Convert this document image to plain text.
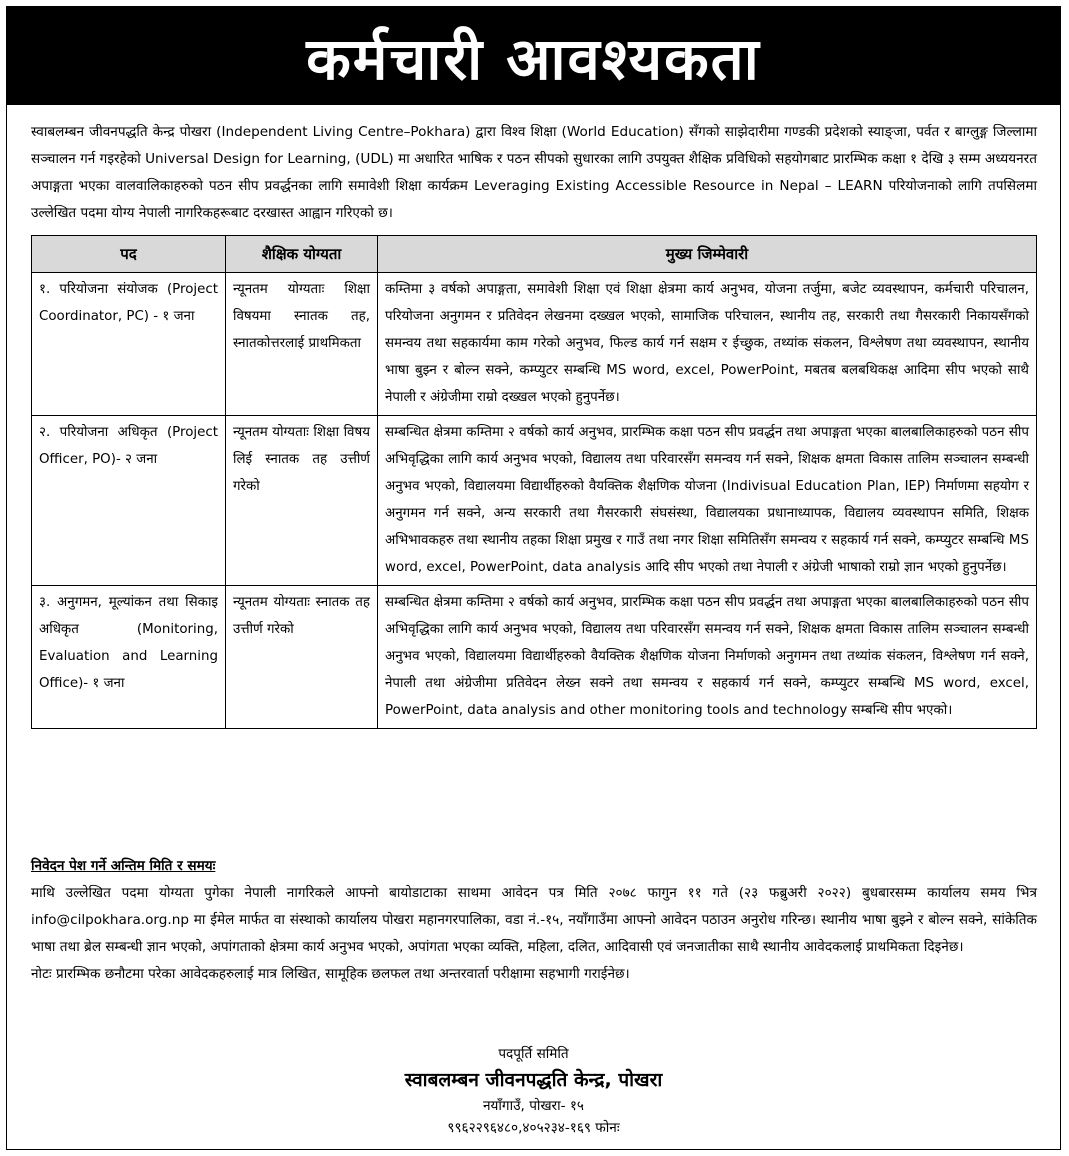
कर्मचारी आवश्यकता
स्वाबलम्बन जीवनपद्धति केन्द्र पोखरा (Independent Living Centre–Pokhara) द्वारा विश्व शिक्षा (World Education) सँगको साझेदारीमा गण्डकी प्रदेशको स्याङ्जा, पर्वत र बाग्लुङ्ग जिल्लामा सञ्चालन गर्न गइरहेको Universal Design for Learning, (UDL) मा अधारित भाषिक र पठन सीपको सुधारका लागि उपयुक्त शैक्षिक प्रविधिको सहयोगबाट प्रारम्भिक कक्षा १ देखि ३ सम्म अध्ययनरत अपाङ्गता भएका वालवालिकाहरुको पठन सीप प्रवर्द्धनका लागि समावेशी शिक्षा कार्यक्रम Leveraging Existing Accessible Resource in Nepal – LEARN परियोजनाको लागि तपसिलमा उल्लेखित पदमा योग्य नेपाली नागरिकहरूबाट दरखास्त आह्वान गरिएको छ।
पद	शैक्षिक योग्यता	मुख्य जिम्मेवारी
१. परियोजना संयोजक (Project Coordinator, PC) - १ जना	न्यूनतम योग्यताः शिक्षा विषयमा स्नातक तह, स्नातकोत्तरलाई प्राथमिकता	कम्तिमा ३ वर्षको अपाङ्गता, समावेशी शिक्षा एवं शिक्षा क्षेत्रमा कार्य अनुभव, योजना तर्जुमा, बजेट व्यवस्थापन, कर्मचारी परिचालन, परियोजना अनुगमन र प्रतिवेदन लेखनमा दख्खल भएको, सामाजिक परिचालन, स्थानीय तह, सरकारी तथा गैसरकारी निकायसँगको समन्वय तथा सहकार्यमा काम गरेको अनुभव, फिल्ड कार्य गर्न सक्षम र ईच्छुक, तथ्यांक संकलन, विश्लेषण तथा व्यवस्थापन, स्थानीय भाषा बुझ्न र बोल्न सक्ने, कम्प्युटर सम्बन्धि MS word, excel, PowerPoint, मबतब बलबथिकक्ष आदिमा सीप भएको साथै नेपाली र अंग्रेजीमा राम्रो दख्खल भएको हुनुपर्नेछ।
२. परियोजना अधिकृत (Project Officer, PO)- २ जना	न्यूनतम योग्यताः शिक्षा विषय लिई स्नातक तह उत्तीर्ण गरेको	सम्बन्धित क्षेत्रमा कम्तिमा २ वर्षको कार्य अनुभव, प्रारम्भिक कक्षा पठन सीप प्रवर्द्धन तथा अपाङ्गता भएका बालबालिकाहरुको पठन सीप अभिवृद्धिका लागि कार्य अनुभव भएको, विद्यालय तथा परिवारसँग समन्वय गर्न सक्ने, शिक्षक क्षमता विकास तालिम सञ्चालन सम्बन्धी अनुभव भएको, विद्यालयमा विद्यार्थीहरुको वैयक्तिक शैक्षणिक योजना (Indivisual Education Plan, IEP) निर्माणमा सहयोग र अनुगमन गर्न सक्ने, अन्य सरकारी तथा गैसरकारी संघसंस्था, विद्यालयका प्रधानाध्यापक, विद्यालय व्यवस्थापन समिति, शिक्षक अभिभावकहरु तथा स्थानीय तहका शिक्षा प्रमुख र गाउँ तथा नगर शिक्षा समितिसँग समन्वय र सहकार्य गर्न सक्ने, कम्प्युटर सम्बन्धि MS word, excel, PowerPoint, data analysis आदि सीप भएको तथा नेपाली र अंग्रेजी भाषाको राम्रो ज्ञान भएको हुनुपर्नेछ।
३. अनुगमन, मूल्यांकन तथा सिकाइ अधिकृत (Monitoring, Evaluation and Learning Office)- १ जना	न्यूनतम योग्यताः स्नातक तह उत्तीर्ण गरेको	सम्बन्धित क्षेत्रमा कम्तिमा २ वर्षको कार्य अनुभव, प्रारम्भिक कक्षा पठन सीप प्रवर्द्धन तथा अपाङ्गता भएका बालबालिकाहरुको पठन सीप अभिवृद्धिका लागि कार्य अनुभव भएको, विद्यालय तथा परिवारसँग समन्वय गर्न सक्ने, शिक्षक क्षमता विकास तालिम सञ्चालन सम्बन्धी अनुभव भएको, विद्यालयमा विद्यार्थीहरुको वैयक्तिक शैक्षणिक योजना निर्माणको अनुगमन तथा तथ्यांक संकलन, विश्लेषण गर्न सक्ने, नेपाली तथा अंग्रेजीमा प्रतिवेदन लेख्न सक्ने तथा समन्वय र सहकार्य गर्न सक्ने, कम्प्युटर सम्बन्धि MS word, excel, PowerPoint, data analysis and other monitoring tools and technology सम्बन्धि सीप भएको।
निवेदन पेश गर्ने अन्तिम मिति र समयः
माथि उल्लेखित पदमा योग्यता पुगेका नेपाली नागरिकले आफ्नो बायोडाटाका साथमा आवेदन पत्र मिति २०७८ फागुन ११ गते (२३ फब्रुअरी २०२२) बुधबारसम्म कार्यालय समय भित्र info@cilpokhara.org.np मा ईमेल मार्फत वा संस्थाको कार्यालय पोखरा महानगरपालिका, वडा नं.-१५, नयाँगाउँमा आफ्नो आवेदन पठाउन अनुरोध गरिन्छ। स्थानीय भाषा बुझ्ने र बोल्न सक्ने, सांकेतिक भाषा तथा ब्रेल सम्बन्धी ज्ञान भएको, अपांगताको क्षेत्रमा कार्य अनुभव भएको, अपांगता भएका व्यक्ति, महिला, दलित, आदिवासी एवं जनजातीका साथै स्थानीय आवेदकलाई प्राथमिकता दिइनेछ।
नोटः प्रारम्भिक छनौटमा परेका आवेदकहरुलाई मात्र लिखित, सामूहिक छलफल तथा अन्तरवार्ता परीक्षामा सहभागी गराईनेछ।
पदपूर्ति समिति
स्वाबलम्बन जीवनपद्धति केन्द्र, पोखरा
नयाँगाउँ, पोखरा- १५
९९६२२९६४८०,४०५२३४-१६९ फोनः
